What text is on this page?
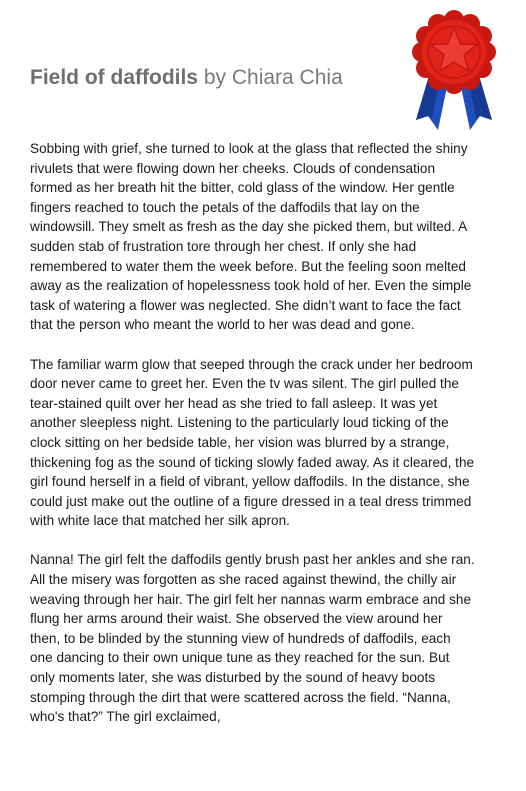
Field of daffodils by Chiara Chia

Sobbing with grief, she turned to look at the glass that reflected the shiny rivulets that were flowing down her cheeks. Clouds of condensation formed as her breath hit the bitter, cold glass of the window. Her gentle fingers reached to touch the petals of the daffodils that lay on the windowsill. They smelt as fresh as the day she picked them, but wilted. A sudden stab of frustration tore through her chest. If only she had remembered to water them the week before. But the feeling soon melted away as the realization of hopelessness took hold of her. Even the simple task of watering a flower was neglected. She didn’t want to face the fact that the person who meant the world to her was dead and gone.

The familiar warm glow that seeped through the crack under her bedroom door never came to greet her. Even the tv was silent. The girl pulled the tear-stained quilt over her head as she tried to fall asleep. It was yet another sleepless night. Listening to the particularly loud ticking of the clock sitting on her bedside table, her vision was blurred by a strange, thickening fog as the sound of ticking slowly faded away. As it cleared, the girl found herself in a field of vibrant, yellow daffodils. In the distance, she could just make out the outline of a figure dressed in a teal dress trimmed with white lace that matched her silk apron.

Nanna! The girl felt the daffodils gently brush past her ankles and she ran. All the misery was forgotten as she raced against thewind, the chilly air weaving through her hair. The girl felt her nannas warm embrace and she flung her arms around their waist. She observed the view around her then, to be blinded by the stunning view of hundreds of daffodils, each one dancing to their own unique tune as they reached for the sun. But only moments later, she was disturbed by the sound of heavy boots stomping through the dirt that were scattered across the field. “Nanna, who's that?” The girl exclaimed,
